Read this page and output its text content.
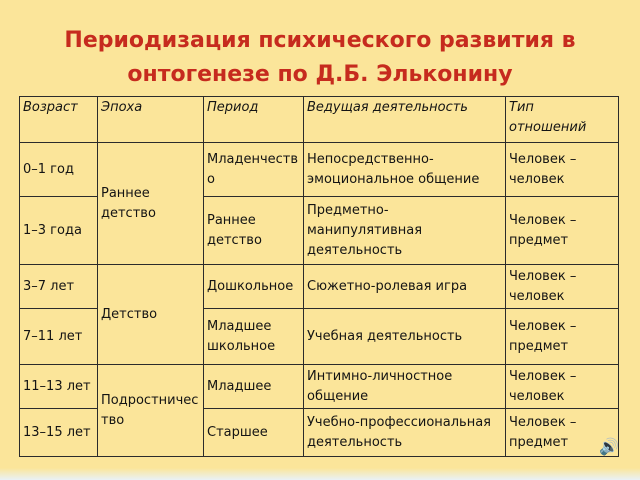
Периодизация психического развития в
онтогенезе по Д.Б. Эльконину
Возраст	Эпоха	Период	Ведущая деятельность	Тип отношений
0–1 год	Раннее детство	Младенчество	Непосредственно-эмоциональное общение	Человек – человек
1–3 года		Раннее детство	Предметно-манипулятивная деятельность	Человек – предмет
3–7 лет	Детство	Дошкольное	Сюжетно-ролевая игра	Человек – человек
7–11 лет		Младшее школьное	Учебная деятельность	Человек – предмет
11–13 лет	Подростничество	Младшее	Интимно-личностное общение	Человек – человек
13–15 лет		Старшее	Учебно-профессиональная деятельность	Человек – предмет 🔊
